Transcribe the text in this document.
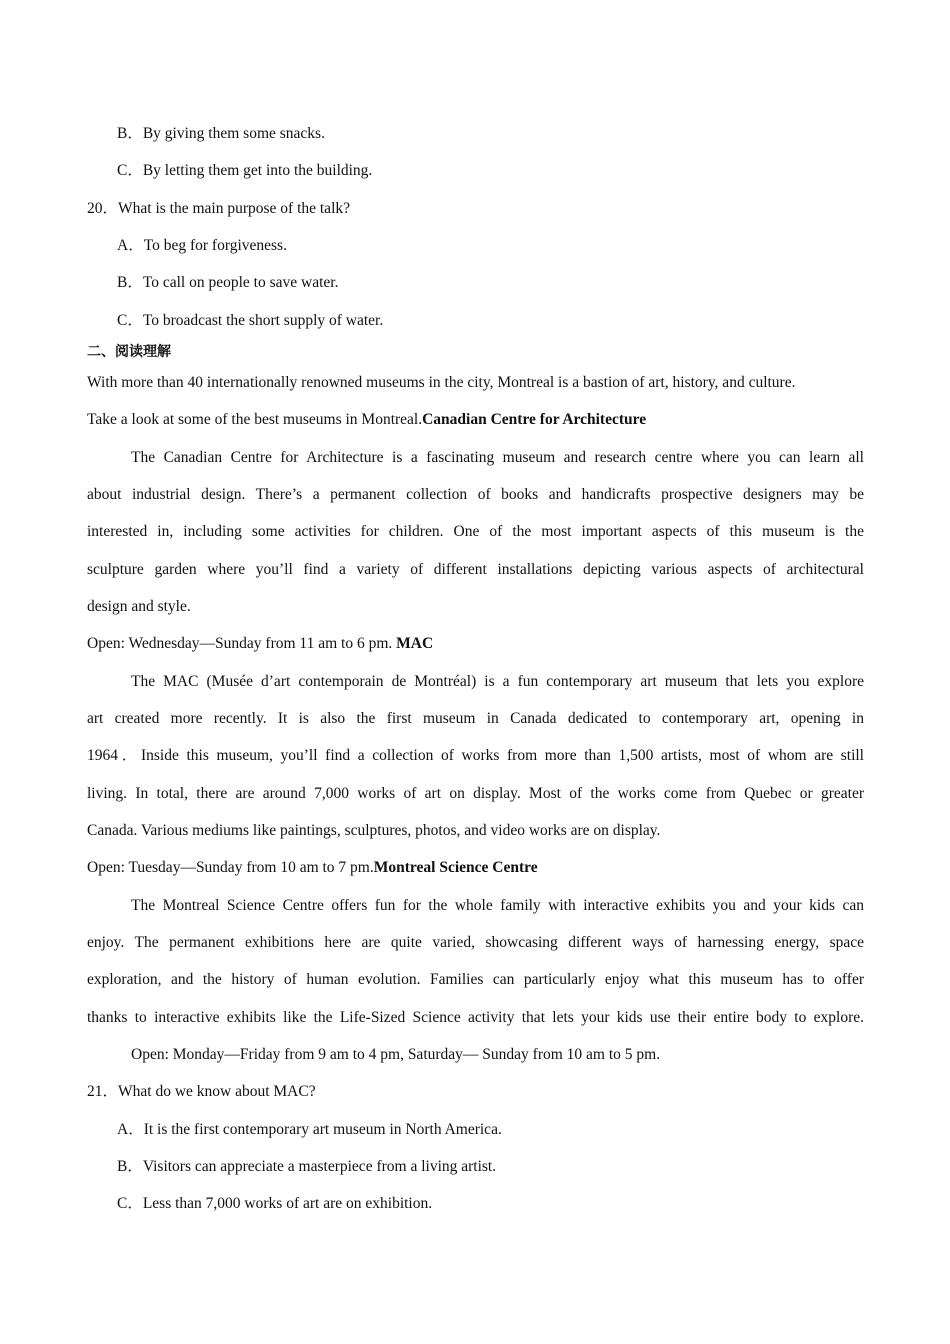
B．By giving them some snacks.
C．By letting them get into the building.
20．What is the main purpose of the talk?
A．To beg for forgiveness.
B．To call on people to save water.
C．To broadcast the short supply of water.
二、阅读理解
With more than 40 internationally renowned museums in the city, Montreal is a bastion of art, history, and culture.
Take a look at some of the best museums in Montreal.Canadian Centre for Architecture
The Canadian Centre for Architecture is a fascinating museum and research centre where you can learn all
about industrial design. There’s a permanent collection of books and handicrafts prospective designers may be
interested in, including some activities for children. One of the most important aspects of this museum is the
sculpture garden where you’ll find a variety of different installations depicting various aspects of architectural
design and style.
Open: Wednesday—Sunday from 11 am to 6 pm. MAC
The MAC (Musée d’art contemporain de Montréal) is a fun contemporary art museum that lets you explore
art created more recently. It is also the first museum in Canada dedicated to contemporary art, opening in
1964．Inside this museum, you’ll find a collection of works from more than 1,500 artists, most of whom are still
living. In total, there are around 7,000 works of art on display. Most of the works come from Quebec or greater
Canada. Various mediums like paintings, sculptures, photos, and video works are on display.
Open: Tuesday—Sunday from 10 am to 7 pm.Montreal Science Centre
The Montreal Science Centre offers fun for the whole family with interactive exhibits you and your kids can
enjoy. The permanent exhibitions here are quite varied, showcasing different ways of harnessing energy, space
exploration, and the history of human evolution. Families can particularly enjoy what this museum has to offer
thanks to interactive exhibits like the Life-Sized Science activity that lets your kids use their entire body to explore.
Open: Monday—Friday from 9 am to 4 pm, Saturday— Sunday from 10 am to 5 pm.
21．What do we know about MAC?
A．It is the first contemporary art museum in North America.
B．Visitors can appreciate a masterpiece from a living artist.
C．Less than 7,000 works of art are on exhibition.
